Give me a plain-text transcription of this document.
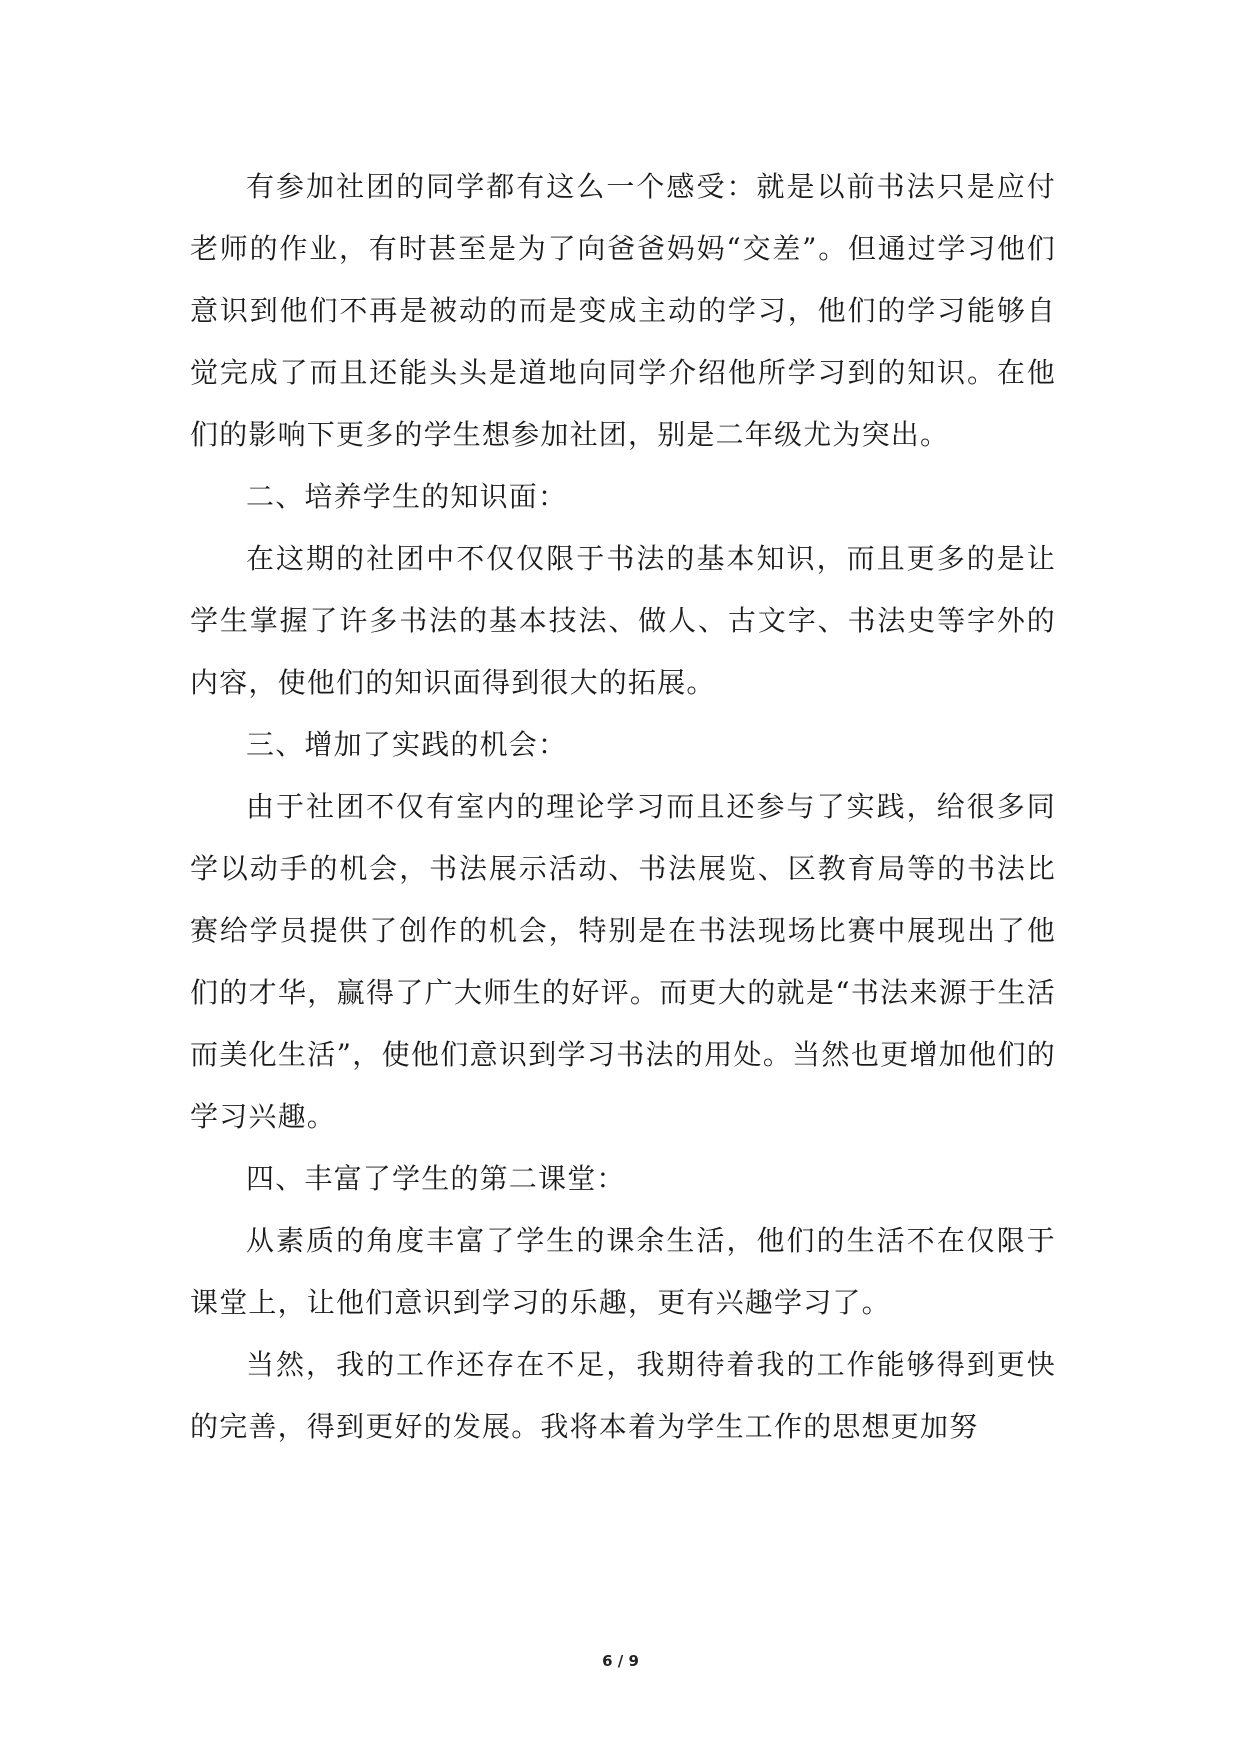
有参加社团的同学都有这么一个感受：就是以前书法只是应付老师的作业，有时甚至是为了向爸爸妈妈“交差”。但通过学习他们意识到他们不再是被动的而是变成主动的学习，他们的学习能够自觉完成了而且还能头头是道地向同学介绍他所学习到的知识。在他们的影响下更多的学生想参加社团，别是二年级尤为突出。

二、培养学生的知识面：

在这期的社团中不仅仅限于书法的基本知识，而且更多的是让学生掌握了许多书法的基本技法、做人、古文字、书法史等字外的内容，使他们的知识面得到很大的拓展。

三、增加了实践的机会：

由于社团不仅有室内的理论学习而且还参与了实践，给很多同学以动手的机会，书法展示活动、书法展览、区教育局等的书法比赛给学员提供了创作的机会，特别是在书法现场比赛中展现出了他们的才华，赢得了广大师生的好评。而更大的就是“书法来源于生活而美化生活”，使他们意识到学习书法的用处。当然也更增加他们的学习兴趣。

四、丰富了学生的第二课堂：

从素质的角度丰富了学生的课余生活，他们的生活不在仅限于课堂上，让他们意识到学习的乐趣，更有兴趣学习了。

当然，我的工作还存在不足，我期待着我的工作能够得到更快的完善，得到更好的发展。我将本着为学生工作的思想更加努

6 / 9
